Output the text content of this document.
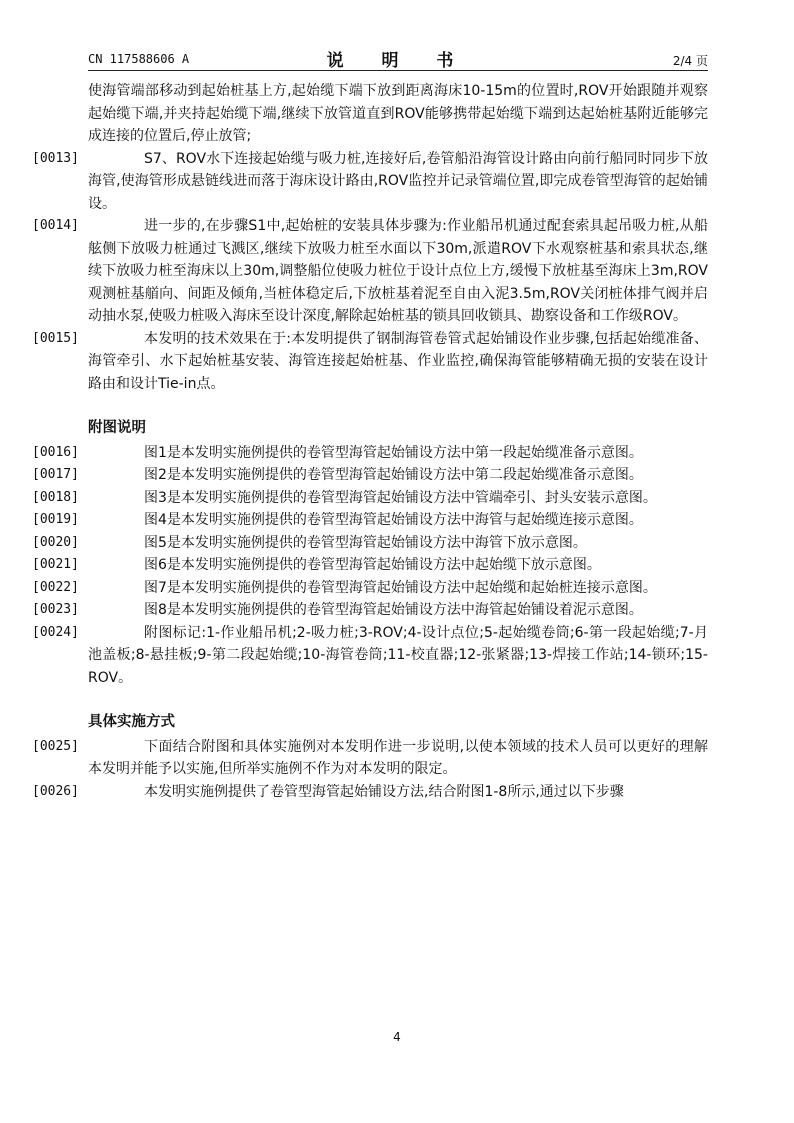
CN 117588606 A	说 明 书	2/4 页

使海管端部移动到起始桩基上方,起始缆下端下放到距离海床10-15m的位置时,ROV开始跟随并观察起始缆下端,并夹持起始缆下端,继续下放管道直到ROV能够携带起始缆下端到达起始桩基附近能够完成连接的位置后,停止放管;

[0013]	S7、ROV水下连接起始缆与吸力桩,连接好后,卷管船沿海管设计路由向前行船同时同步下放海管,使海管形成悬链线进而落于海床设计路由,ROV监控并记录管端位置,即完成卷管型海管的起始铺设。

[0014]	进一步的,在步骤S1中,起始桩的安装具体步骤为:作业船吊机通过配套索具起吊吸力桩,从船舷侧下放吸力桩通过飞溅区,继续下放吸力桩至水面以下30m,派遣ROV下水观察桩基和索具状态,继续下放吸力桩至海床以上30m,调整船位使吸力桩位于设计点位上方,缓慢下放桩基至海床上3m,ROV观测桩基艏向、间距及倾角,当桩体稳定后,下放桩基着泥至自由入泥3.5m,ROV关闭桩体排气阀并启动抽水泵,使吸力桩吸入海床至设计深度,解除起始桩基的锁具回收锁具、勘察设备和工作级ROV。

[0015]	本发明的技术效果在于:本发明提供了钢制海管卷管式起始铺设作业步骤,包括起始缆准备、海管牵引、水下起始桩基安装、海管连接起始桩基、作业监控,确保海管能够精确无损的安装在设计路由和设计Tie-in点。

附图说明

[0016]	图1是本发明实施例提供的卷管型海管起始铺设方法中第一段起始缆准备示意图。

[0017]	图2是本发明实施例提供的卷管型海管起始铺设方法中第二段起始缆准备示意图。

[0018]	图3是本发明实施例提供的卷管型海管起始铺设方法中管端牵引、封头安装示意图。

[0019]	图4是本发明实施例提供的卷管型海管起始铺设方法中海管与起始缆连接示意图。

[0020]	图5是本发明实施例提供的卷管型海管起始铺设方法中海管下放示意图。

[0021]	图6是本发明实施例提供的卷管型海管起始铺设方法中起始缆下放示意图。

[0022]	图7是本发明实施例提供的卷管型海管起始铺设方法中起始缆和起始桩连接示意图。

[0023]	图8是本发明实施例提供的卷管型海管起始铺设方法中海管起始铺设着泥示意图。

[0024]	附图标记:1-作业船吊机;2-吸力桩;3-ROV;4-设计点位;5-起始缆卷筒;6-第一段起始缆;7-月池盖板;8-悬挂板;9-第二段起始缆;10-海管卷筒;11-校直器;12-张紧器;13-焊接工作站;14-锁环;15-ROV。

具体实施方式

[0025]	下面结合附图和具体实施例对本发明作进一步说明,以使本领域的技术人员可以更好的理解本发明并能予以实施,但所举实施例不作为对本发明的限定。

[0026]	本发明实施例提供了卷管型海管起始铺设方法,结合附图1-8所示,通过以下步骤

4
